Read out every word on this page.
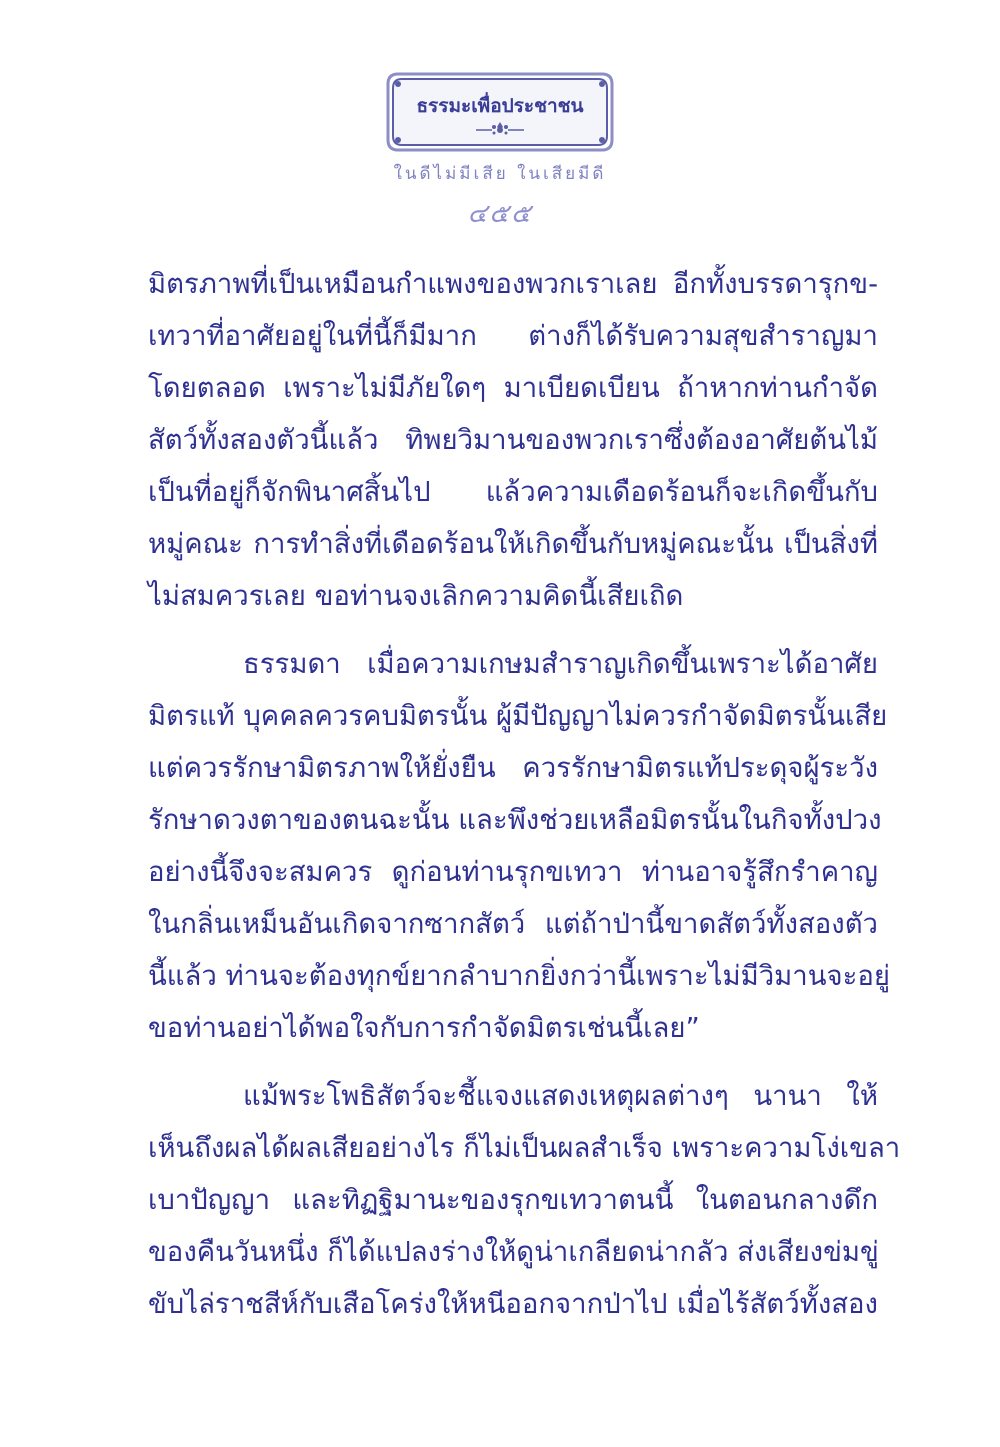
ธรรมะเพื่อประชาชน
ในดีไม่มีเสีย ในเสียมีดี
๔๕๕
มิตรภาพที่เป็นเหมือนกำแพงของพวกเราเลย อีกทั้งบรรดารุกข-
เทวาที่อาศัยอยู่ในที่นี้ก็มีมาก ต่างก็ได้รับความสุขสำราญมา
โดยตลอด เพราะไม่มีภัยใดๆ มาเบียดเบียน ถ้าหากท่านกำจัด
สัตว์ทั้งสองตัวนี้แล้ว ทิพยวิมานของพวกเราซึ่งต้องอาศัยต้นไม้
เป็นที่อยู่ก็จักพินาศสิ้นไป แล้วความเดือดร้อนก็จะเกิดขึ้นกับ
หมู่คณะ การทำสิ่งที่เดือดร้อนให้เกิดขึ้นกับหมู่คณะนั้น เป็นสิ่งที่
ไม่สมควรเลย ขอท่านจงเลิกความคิดนี้เสียเถิด
ธรรมดา เมื่อความเกษมสำราญเกิดขึ้นเพราะได้อาศัย
มิตรแท้ บุคคลควรคบมิตรนั้น ผู้มีปัญญาไม่ควรกำจัดมิตรนั้นเสีย
แต่ควรรักษามิตรภาพให้ยั่งยืน ควรรักษามิตรแท้ประดุจผู้ระวัง
รักษาดวงตาของตนฉะนั้น และพึงช่วยเหลือมิตรนั้นในกิจทั้งปวง
อย่างนี้จึงจะสมควร ดูก่อนท่านรุกขเทวา ท่านอาจรู้สึกรำคาญ
ในกลิ่นเหม็นอันเกิดจากซากสัตว์ แต่ถ้าป่านี้ขาดสัตว์ทั้งสองตัว
นี้แล้ว ท่านจะต้องทุกข์ยากลำบากยิ่งกว่านี้เพราะไม่มีวิมานจะอยู่
ขอท่านอย่าได้พอใจกับการกำจัดมิตรเช่นนี้เลย”
แม้พระโพธิสัตว์จะชี้แจงแสดงเหตุผลต่างๆ นานา ให้
เห็นถึงผลได้ผลเสียอย่างไร ก็ไม่เป็นผลสำเร็จ เพราะความโง่เขลา
เบาปัญญา และทิฏฐิมานะของรุกขเทวาตนนี้ ในตอนกลางดึก
ของคืนวันหนึ่ง ก็ได้แปลงร่างให้ดูน่าเกลียดน่ากลัว ส่งเสียงข่มขู่
ขับไล่ราชสีห์กับเสือโคร่งให้หนีออกจากป่าไป เมื่อไร้สัตว์ทั้งสอง
